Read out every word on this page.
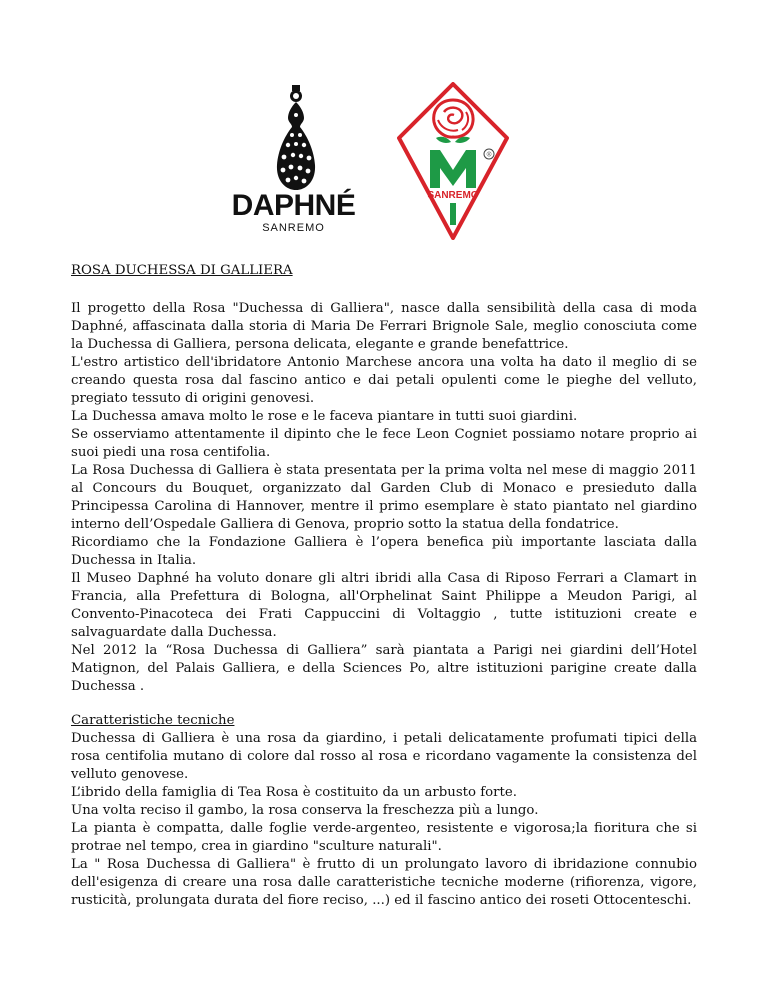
DAPHNÉ
SANREMO
®
SANREMO

ROSA DUCHESSA DI GALLIERA

Il progetto della Rosa "Duchessa di Galliera", nasce dalla sensibilità della casa di moda Daphné, affascinata dalla storia di Maria De Ferrari Brignole Sale, meglio conosciuta come la Duchessa di Galliera, persona delicata, elegante e grande benefattrice.

L'estro artistico dell'ibridatore Antonio Marchese ancora una volta ha dato il meglio di se creando questa rosa dal fascino antico e dai petali opulenti come le pieghe del velluto, pregiato tessuto di origini genovesi.

La Duchessa amava molto le rose e le faceva piantare in tutti suoi giardini.

Se osserviamo attentamente il dipinto che le fece Leon Cogniet possiamo notare proprio ai suoi piedi una rosa centifolia.

La Rosa Duchessa di Galliera è stata presentata per la prima volta nel mese di maggio 2011 al Concours du Bouquet, organizzato dal Garden Club di Monaco e presieduto dalla Principessa Carolina di Hannover, mentre il primo esemplare è stato piantato nel giardino interno dell’Ospedale Galliera di Genova, proprio sotto la statua della fondatrice.

Ricordiamo che la Fondazione Galliera è l’opera benefica più importante lasciata dalla Duchessa in Italia.

Il Museo Daphné ha voluto donare gli altri ibridi alla Casa di Riposo Ferrari a Clamart in Francia, alla Prefettura di Bologna, all'Orphelinat Saint Philippe a Meudon Parigi, al Convento-Pinacoteca dei Frati Cappuccini di Voltaggio , tutte istituzioni create e salvaguardate dalla Duchessa.

Nel 2012 la “Rosa Duchessa di Galliera” sarà piantata a Parigi nei giardini dell’Hotel Matignon, del Palais Galliera, e della Sciences Po, altre istituzioni parigine create dalla Duchessa .

Caratteristiche tecniche

Duchessa di Galliera è una rosa da giardino, i petali delicatamente profumati tipici della rosa centifolia mutano di colore dal rosso al rosa e ricordano vagamente la consistenza del velluto genovese.

L’ibrido della famiglia di Tea Rosa è costituito da un arbusto forte.

Una volta reciso il gambo, la rosa conserva la freschezza più a lungo.

La pianta è compatta, dalle foglie verde-argenteo, resistente e vigorosa;la fioritura che si protrae nel tempo, crea in giardino "sculture naturali".

La " Rosa Duchessa di Galliera" è frutto di un prolungato lavoro di ibridazione connubio dell'esigenza di creare una rosa dalle caratteristiche tecniche moderne (rifiorenza, vigore, rusticità, prolungata durata del fiore reciso, ...) ed il fascino antico dei roseti Ottocenteschi.
